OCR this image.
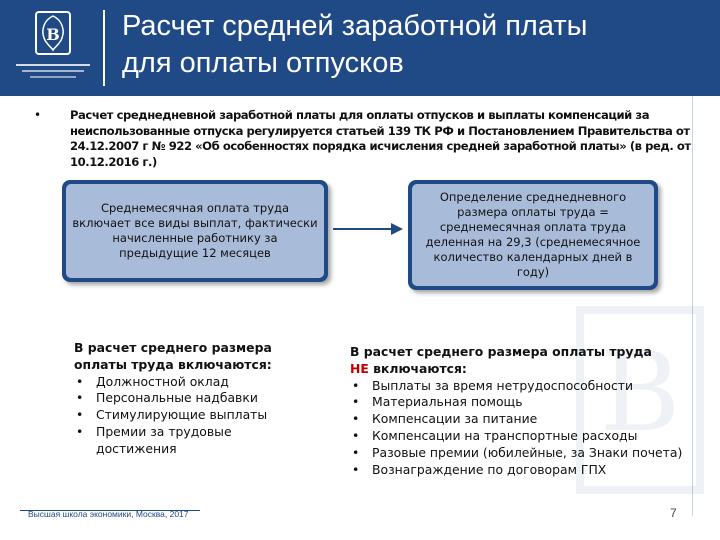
В Расчет средней заработной платы
для оплаты отпусков
В
• Расчет среднедневной заработной платы для оплаты отпусков и выплаты компенсаций за неиспользованные отпуска регулируется статьей 139 ТК РФ и Постановлением Правительства от 24.12.2007 г № 922 «Об особенностях порядка исчисления средней заработной платы» (в ред. от 10.12.2016 г.)
Среднемесячная оплата труда включает все виды выплат, фактически начисленные работнику за предыдущие 12 месяцев
Определение среднедневного размера оплаты труда = среднемесячная оплата труда деленная на 29,3 (среднемесячное количество календарных дней в году)

В расчет среднего размера оплаты труда включаются:

• Должностной оклад
• Персональные надбавки
• Стимулирующие выплаты
• Премии за трудовые достижения

В расчет среднего размера оплаты труда
НЕ включаются:

• Выплаты за время нетрудоспособности
• Материальная помощь
• Компенсации за питание
• Компенсации на транспортные расходы
• Разовые премии (юбилейные, за Знаки почета)
• Вознаграждение по договорам ГПХ
Высшая школа экономики, Москва, 2017	7
